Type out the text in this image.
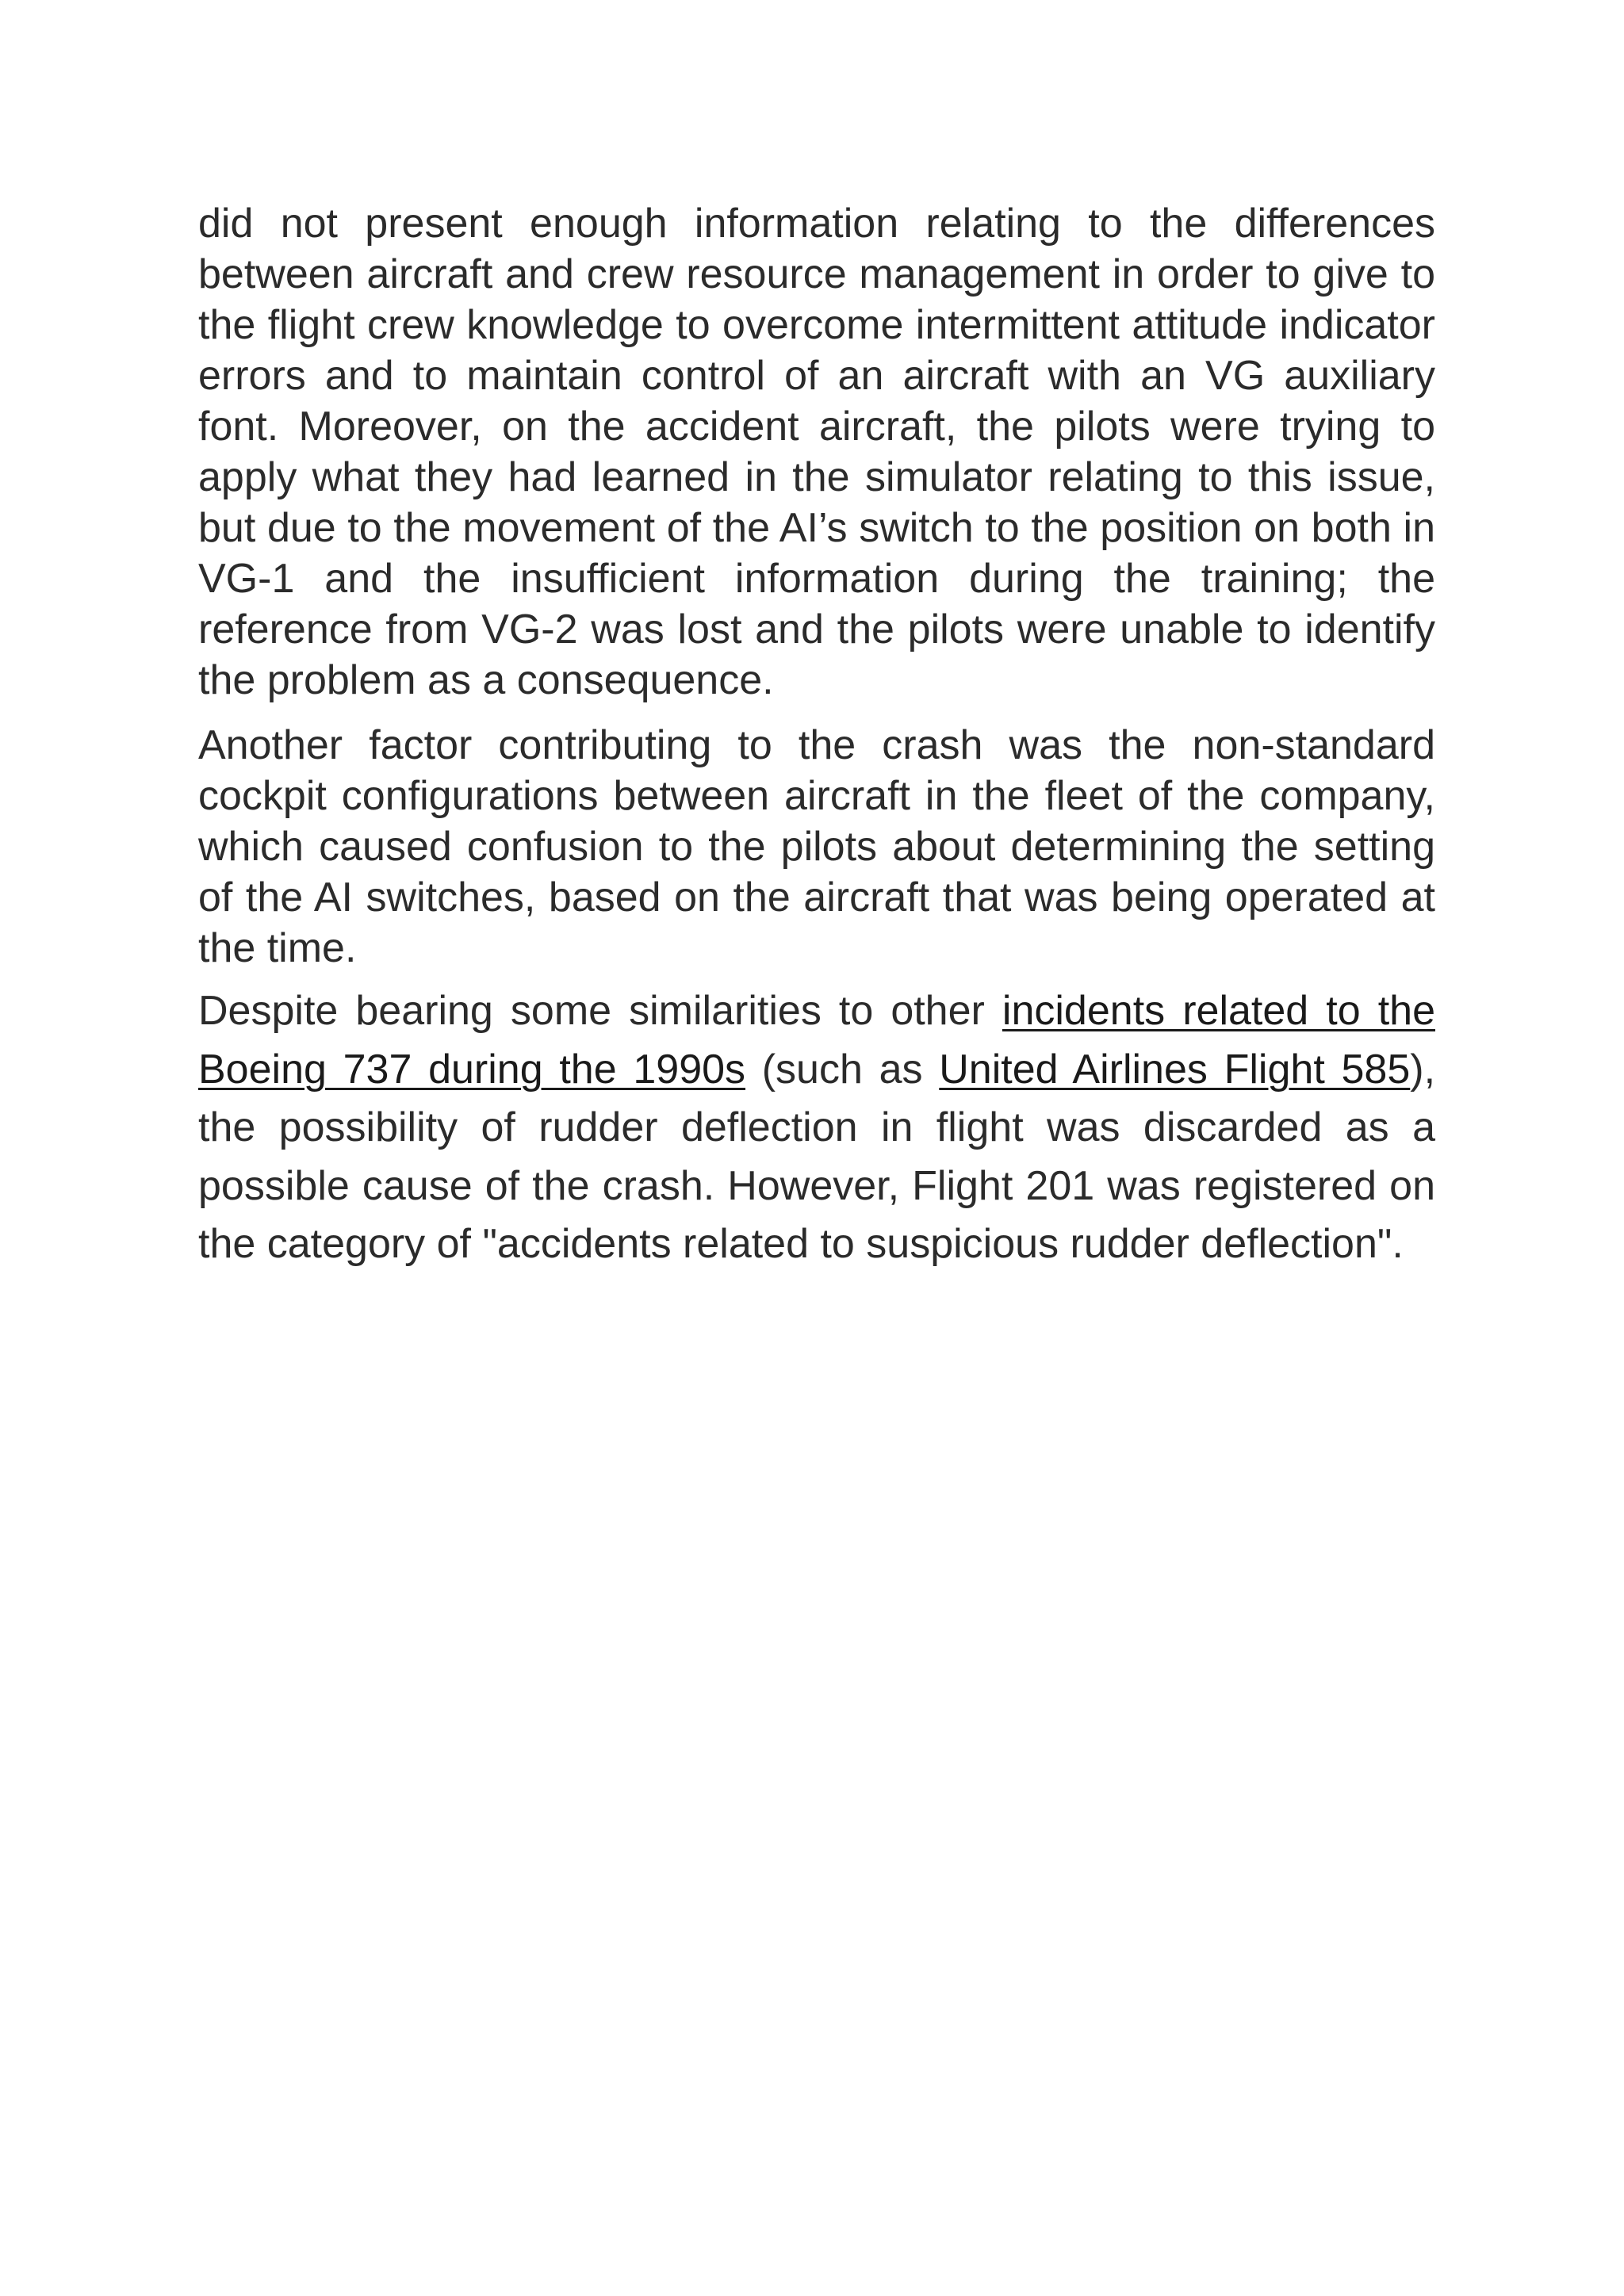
did not present enough information relating to the differences between aircraft and crew resource management in order to give to the flight crew knowledge to overcome intermittent attitude indicator errors and to maintain control of an aircraft with an VG auxiliary font. Moreover, on the accident aircraft, the pilots were trying to apply what they had learned in the simulator relating to this issue, but due to the movement of the AI’s switch to the position on both in VG-1 and the insufficient information during the training; the reference from VG-2 was lost and the pilots were unable to identify the problem as a consequence.

Another factor contributing to the crash was the non-standard cockpit configurations between aircraft in the fleet of the company, which caused confusion to the pilots about determining the setting of the AI switches, based on the aircraft that was being operated at the time.

Despite bearing some similarities to other incidents related to the Boeing 737 during the 1990s (such as United Airlines Flight 585), the possibility of rudder deflection in flight was discarded as a possible cause of the crash. However, Flight 201 was registered on the category of "accidents related to suspicious rudder deflection".
